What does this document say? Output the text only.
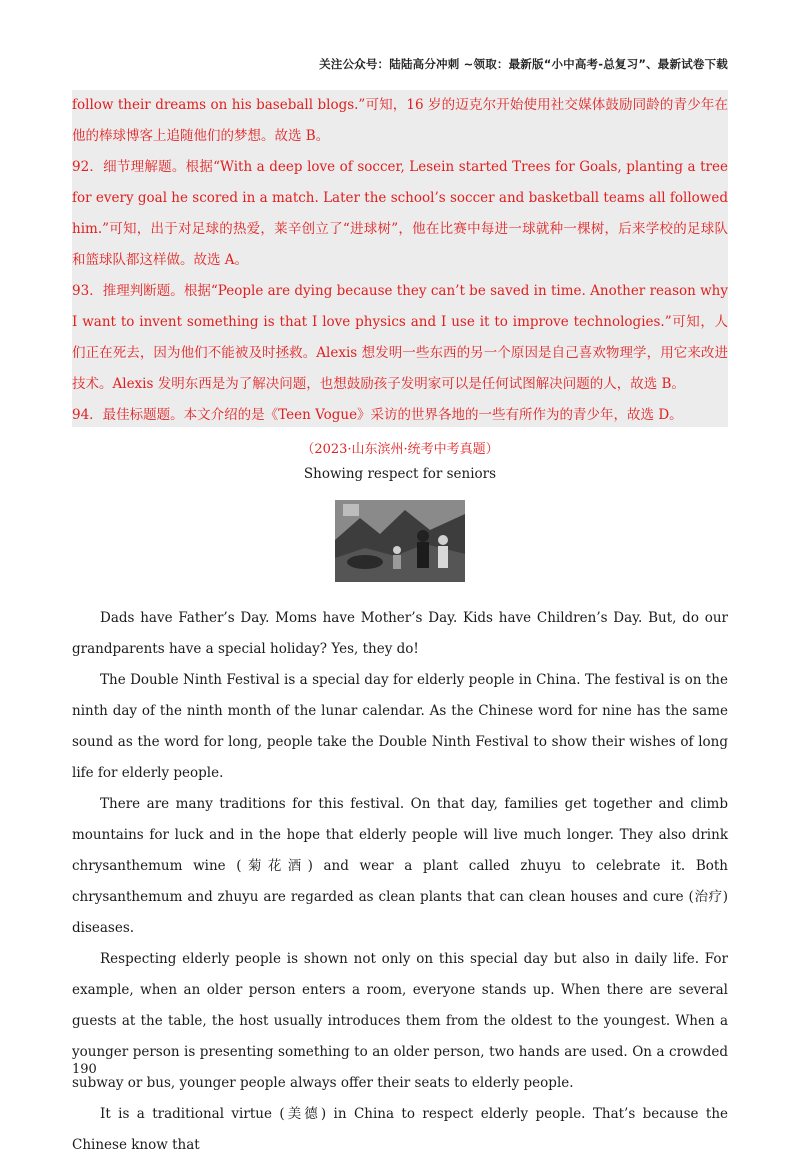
关注公众号：陆陆高分冲刺 ~领取：最新版“小中高考-总复习”、最新试卷下载

follow their dreams on his baseball blogs.”可知，16 岁的迈克尔开始使用社交媒体鼓励同龄的青少年在他的棒球博客上追随他们的梦想。故选 B。

92．细节理解题。根据“With a deep love of soccer, Lesein started Trees for Goals, planting a tree for every goal he scored in a match. Later the school’s soccer and basketball teams all followed him.”可知，出于对足球的热爱，莱辛创立了“进球树”，他在比赛中每进一球就种一棵树，后来学校的足球队和篮球队都这样做。故选 A。

93．推理判断题。根据“People are dying because they can’t be saved in time. Another reason why I want to invent something is that I love physics and I use it to improve technologies.”可知，人们正在死去，因为他们不能被及时拯救。Alexis 想发明一些东西的另一个原因是自己喜欢物理学，用它来改进技术。Alexis 发明东西是为了解决问题，也想鼓励孩子发明家可以是任何试图解决问题的人，故选 B。

94．最佳标题题。本文介绍的是《Teen Vogue》采访的世界各地的一些有所作为的青少年，故选 D。

（2023·山东滨州·统考中考真题）
Showing respect for seniors

Dads have Father’s Day. Moms have Mother’s Day. Kids have Children’s Day. But, do our grandparents have a special holiday? Yes, they do!

The Double Ninth Festival is a special day for elderly people in China. The festival is on the ninth day of the ninth month of the lunar calendar. As the Chinese word for nine has the same sound as the word for long, people take the Double Ninth Festival to show their wishes of long life for elderly people.

There are many traditions for this festival. On that day, families get together and climb mountains for luck and in the hope that elderly people will live much longer. They also drink chrysanthemum wine (菊花酒) and wear a plant called zhuyu to celebrate it. Both chrysanthemum and zhuyu are regarded as clean plants that can clean houses and cure (治疗) diseases.

Respecting elderly people is shown not only on this special day but also in daily life. For example, when an older person enters a room, everyone stands up. When there are several guests at the table, the host usually introduces them from the oldest to the youngest. When a younger person is presenting something to an older person, two hands are used. On a crowded subway or bus, younger people always offer their seats to elderly people.

It is a traditional virtue (美德) in China to respect elderly people. That’s because the Chinese know that

190
